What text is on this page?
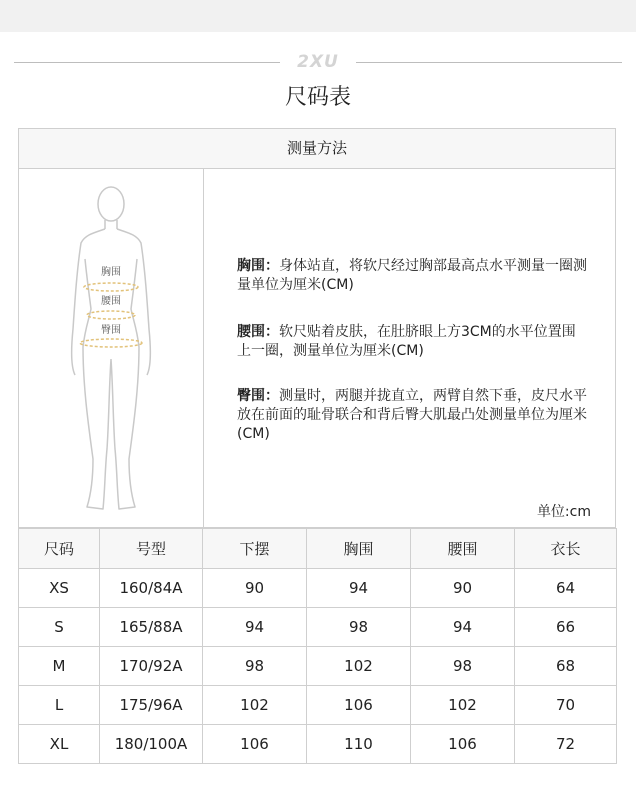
2XU
尺码表
测量方法
胸围
腰围
臀围
胸围：身体站直，将软尺经过胸部最高点水平测量一圈测量单位为厘米(CM)
腰围：软尺贴着皮肤，在肚脐眼上方3CM的水平位置围上一圈，测量单位为厘米(CM)
臀围：测量时，两腿并拢直立，两臂自然下垂，皮尺水平放在前面的耻骨联合和背后臀大肌最凸处测量单位为厘米(CM)
单位:cm
尺码	号型	下摆	胸围	腰围	衣长
XS	160/84A	90	94	90	64
S	165/88A	94	98	94	66
M	170/92A	98	102	98	68
L	175/96A	102	106	102	70
XL	180/100A	106	110	106	72
